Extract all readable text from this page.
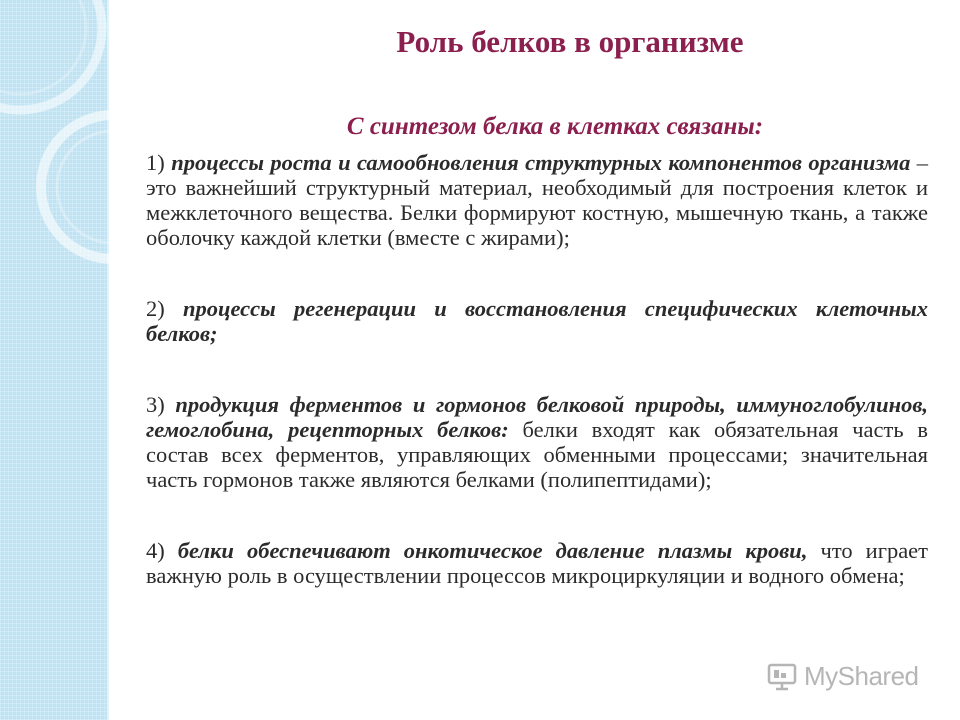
Роль белков в организме
С синтезом белка в клетках связаны:

1) процессы роста и самообновления структурных компонентов организма – это важнейший структурный материал, необходимый для построения клеток и межклеточного вещества. Белки формируют костную, мышечную ткань, а также оболочку каждой клетки (вместе с жирами);

2) процессы регенерации и восстановления специфических клеточных белков;

3) продукция ферментов и гормонов белковой природы, иммуноглобулинов, гемоглобина, рецепторных белков: белки входят как обязательная часть в состав всех ферментов, управляющих обменными процессами; значительная часть гормонов также являются белками (полипептидами);

4) белки обеспечивают онкотическое давление плазмы крови, что играет важную роль в осуществлении процессов микроциркуляции и водного обмена;

MyShared
